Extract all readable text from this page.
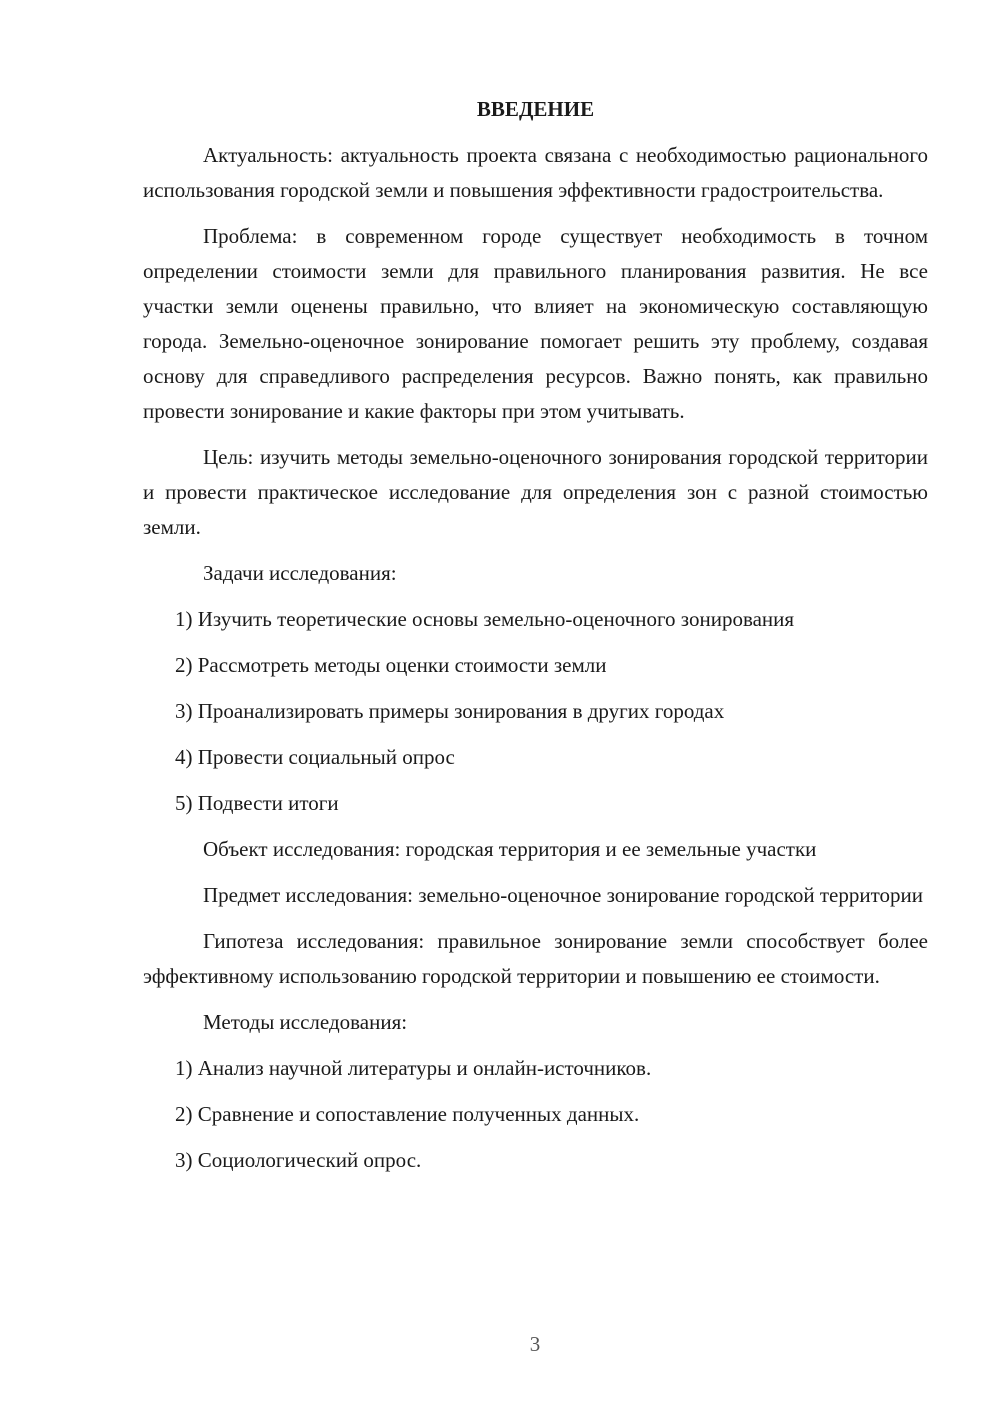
ВВЕДЕНИЕ

Актуальность: актуальность проекта связана с необходимостью рационального использования городской земли и повышения эффективности градостроительства.

Проблема: в современном городе существует необходимость в точном определении стоимости земли для правильного планирования развития. Не все участки земли оценены правильно, что влияет на экономическую составляющую города. Земельно-оценочное зонирование помогает решить эту проблему, создавая основу для справедливого распределения ресурсов. Важно понять, как правильно провести зонирование и какие факторы при этом учитывать.

Цель: изучить методы земельно-оценочного зонирования городской территории и провести практическое исследование для определения зон с разной стоимостью земли.

Задачи исследования:

1) Изучить теоретические основы земельно-оценочного зонирования
2) Рассмотреть методы оценки стоимости земли
3) Проанализировать примеры зонирования в других городах
4) Провести социальный опрос
5) Подвести итоги

Объект исследования: городская территория и ее земельные участки

Предмет исследования: земельно-оценочное зонирование городской территории

Гипотеза исследования: правильное зонирование земли способствует более эффективному использованию городской территории и повышению ее стоимости.

Методы исследования:

1) Анализ научной литературы и онлайн-источников.
2) Сравнение и сопоставление полученных данных.
3) Социологический опрос.
3
